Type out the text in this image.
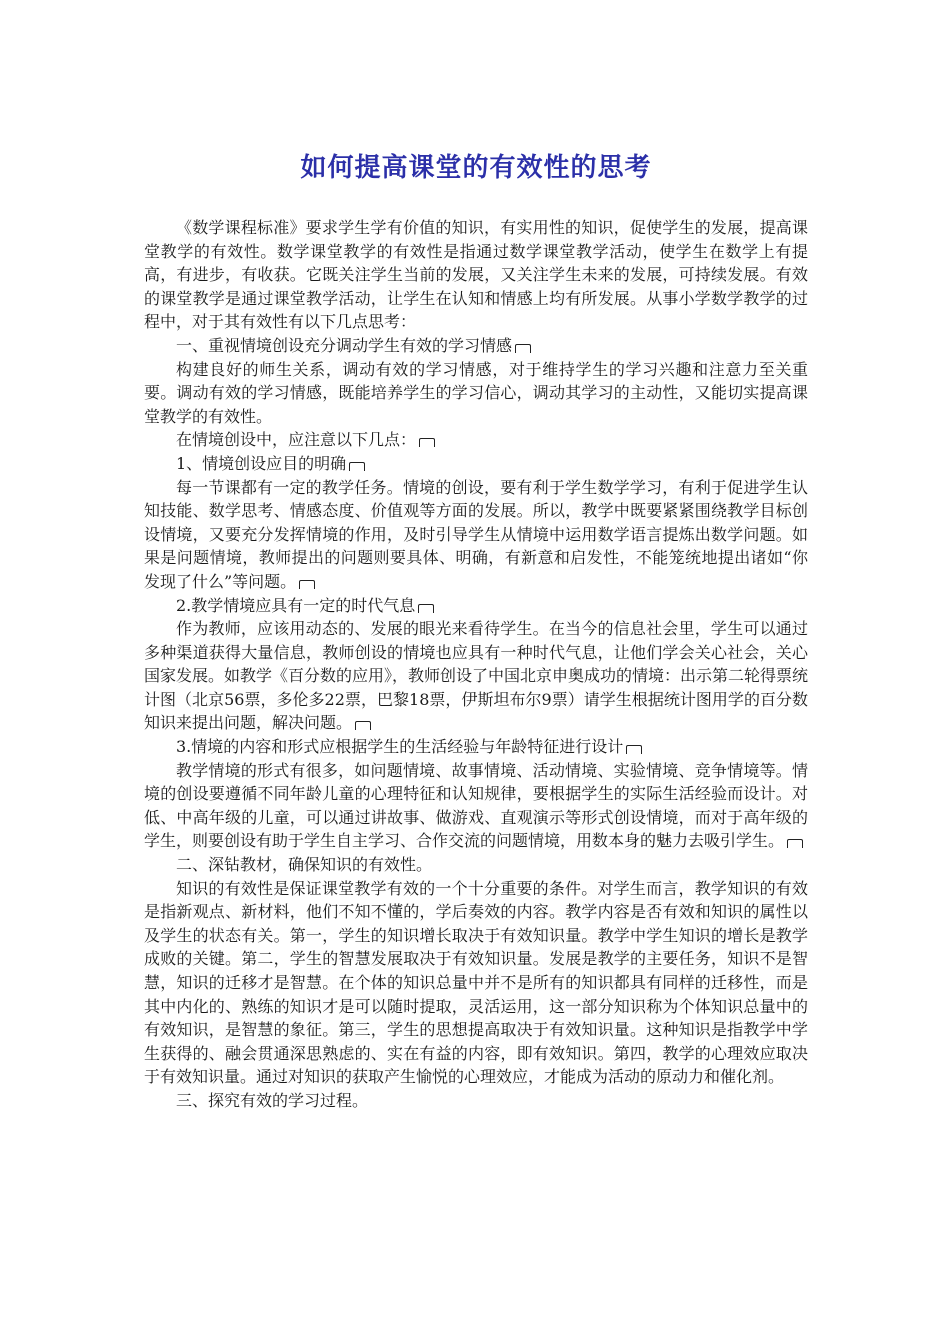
如何提高课堂的有效性的思考

《数学课程标准》要求学生学有价值的知识，有实用性的知识，促使学生的发展，提高课堂教学的有效性。数学课堂教学的有效性是指通过数学课堂教学活动，使学生在数学上有提高，有进步，有收获。它既关注学生当前的发展，又关注学生未来的发展，可持续发展。有效的课堂教学是通过课堂教学活动，让学生在认知和情感上均有所发展。从事小学数学教学的过程中，对于其有效性有以下几点思考：

一、重视情境创设充分调动学生有效的学习情感

构建良好的师生关系，调动有效的学习情感，对于维持学生的学习兴趣和注意力至关重要。调动有效的学习情感，既能培养学生的学习信心，调动其学习的主动性，又能切实提高课堂教学的有效性。

在情境创设中，应注意以下几点：

1、情境创设应目的明确

每一节课都有一定的教学任务。情境的创设，要有利于学生数学学习，有利于促进学生认知技能、数学思考、情感态度、价值观等方面的发展。所以，教学中既要紧紧围绕教学目标创设情境，又要充分发挥情境的作用，及时引导学生从情境中运用数学语言提炼出数学问题。如果是问题情境，教师提出的问题则要具体、明确，有新意和启发性，不能笼统地提出诸如“你发现了什么”等问题。

2.教学情境应具有一定的时代气息

作为教师，应该用动态的、发展的眼光来看待学生。在当今的信息社会里，学生可以通过多种渠道获得大量信息，教师创设的情境也应具有一种时代气息，让他们学会关心社会，关心国家发展。如教学《百分数的应用》，教师创设了中国北京申奥成功的情境：出示第二轮得票统计图（北京56票，多伦多22票，巴黎18票，伊斯坦布尔9票）请学生根据统计图用学的百分数知识来提出问题，解决问题。

3.情境的内容和形式应根据学生的生活经验与年龄特征进行设计

教学情境的形式有很多，如问题情境、故事情境、活动情境、实验情境、竞争情境等。情境的创设要遵循不同年龄儿童的心理特征和认知规律，要根据学生的实际生活经验而设计。对低、中高年级的儿童，可以通过讲故事、做游戏、直观演示等形式创设情境，而对于高年级的学生，则要创设有助于学生自主学习、合作交流的问题情境，用数本身的魅力去吸引学生。

二、深钻教材，确保知识的有效性。

知识的有效性是保证课堂教学有效的一个十分重要的条件。对学生而言，教学知识的有效是指新观点、新材料，他们不知不懂的，学后奏效的内容。教学内容是否有效和知识的属性以及学生的状态有关。第一，学生的知识增长取决于有效知识量。教学中学生知识的增长是教学成败的关键。第二，学生的智慧发展取决于有效知识量。发展是教学的主要任务，知识不是智慧，知识的迁移才是智慧。在个体的知识总量中并不是所有的知识都具有同样的迁移性，而是其中内化的、熟练的知识才是可以随时提取，灵活运用，这一部分知识称为个体知识总量中的有效知识，是智慧的象征。第三，学生的思想提高取决于有效知识量。这种知识是指教学中学生获得的、融会贯通深思熟虑的、实在有益的内容，即有效知识。第四，教学的心理效应取决于有效知识量。通过对知识的获取产生愉悦的心理效应，才能成为活动的原动力和催化剂。

三、探究有效的学习过程。
